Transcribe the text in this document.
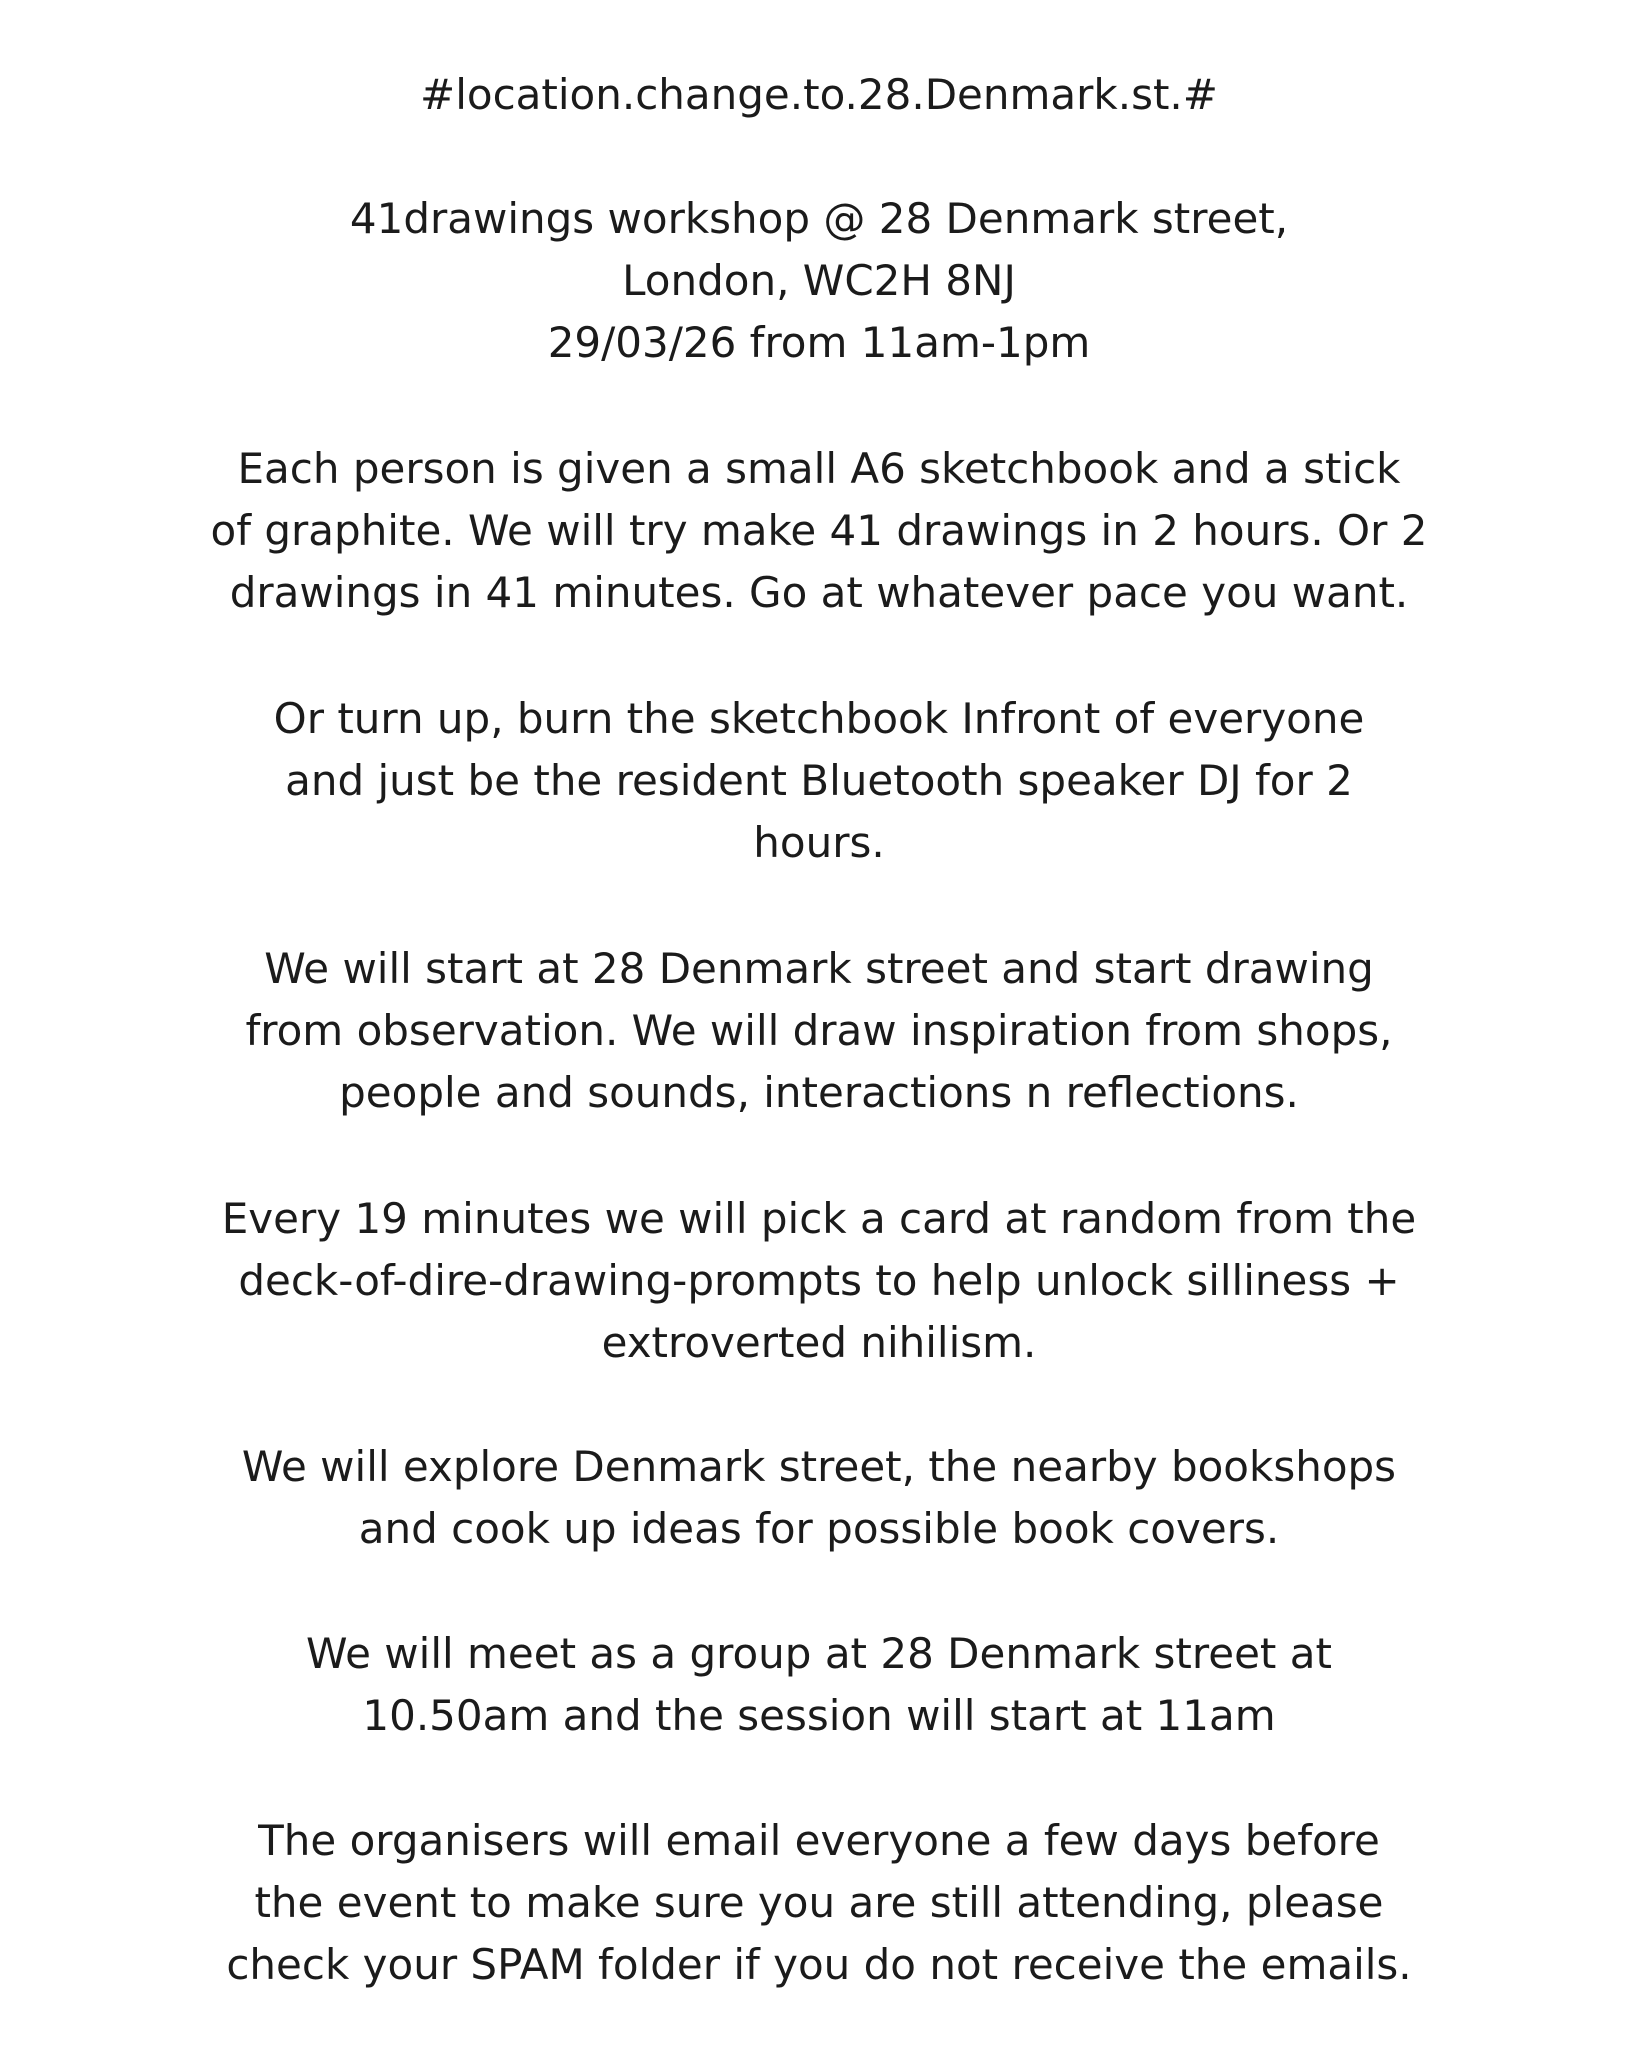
#location.change.to.28.Denmark.st.#
41drawings workshop @ 28 Denmark street,
London, WC2H 8NJ
29/03/26 from 11am-1pm
Each person is given a small A6 sketchbook and a stick
of graphite. We will try make 41 drawings in 2 hours. Or 2
drawings in 41 minutes. Go at whatever pace you want.
Or turn up, burn the sketchbook Infront of everyone
and just be the resident Bluetooth speaker DJ for 2
hours.
We will start at 28 Denmark street and start drawing
from observation. We will draw inspiration from shops,
people and sounds, interactions n reflections.
Every 19 minutes we will pick a card at random from the
deck-of-dire-drawing-prompts to help unlock silliness +
extroverted nihilism.
We will explore Denmark street, the nearby bookshops
and cook up ideas for possible book covers.
We will meet as a group at 28 Denmark street at
10.50am and the session will start at 11am
The organisers will email everyone a few days before
the event to make sure you are still attending, please
check your SPAM folder if you do not receive the emails.
